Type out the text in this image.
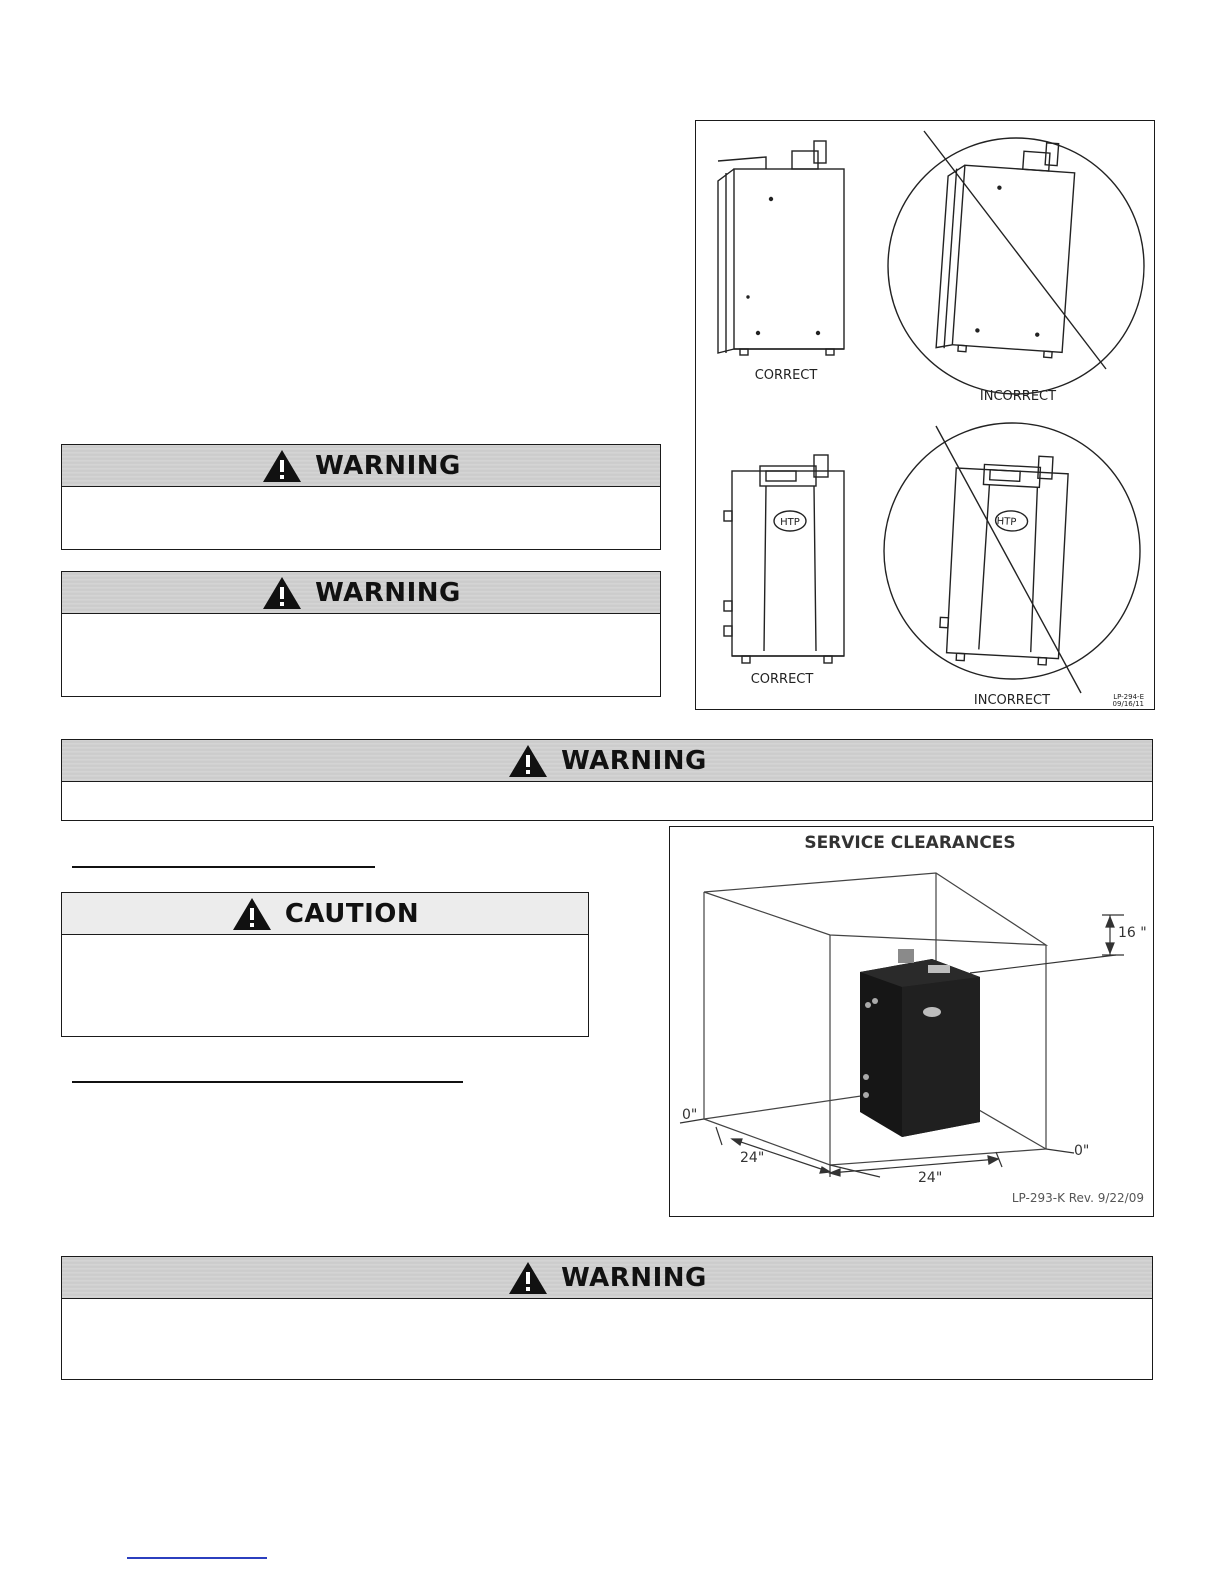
WARNING
WARNING
CORRECT
INCORRECT
HTP
CORRECT
HTP
INCORRECT	LP-294-E
09/16/11
WARNING
CAUTION
SERVICE CLEARANCES
16 "
0"
0"
24"
24"
LP-293-K Rev. 9/22/09
WARNING
